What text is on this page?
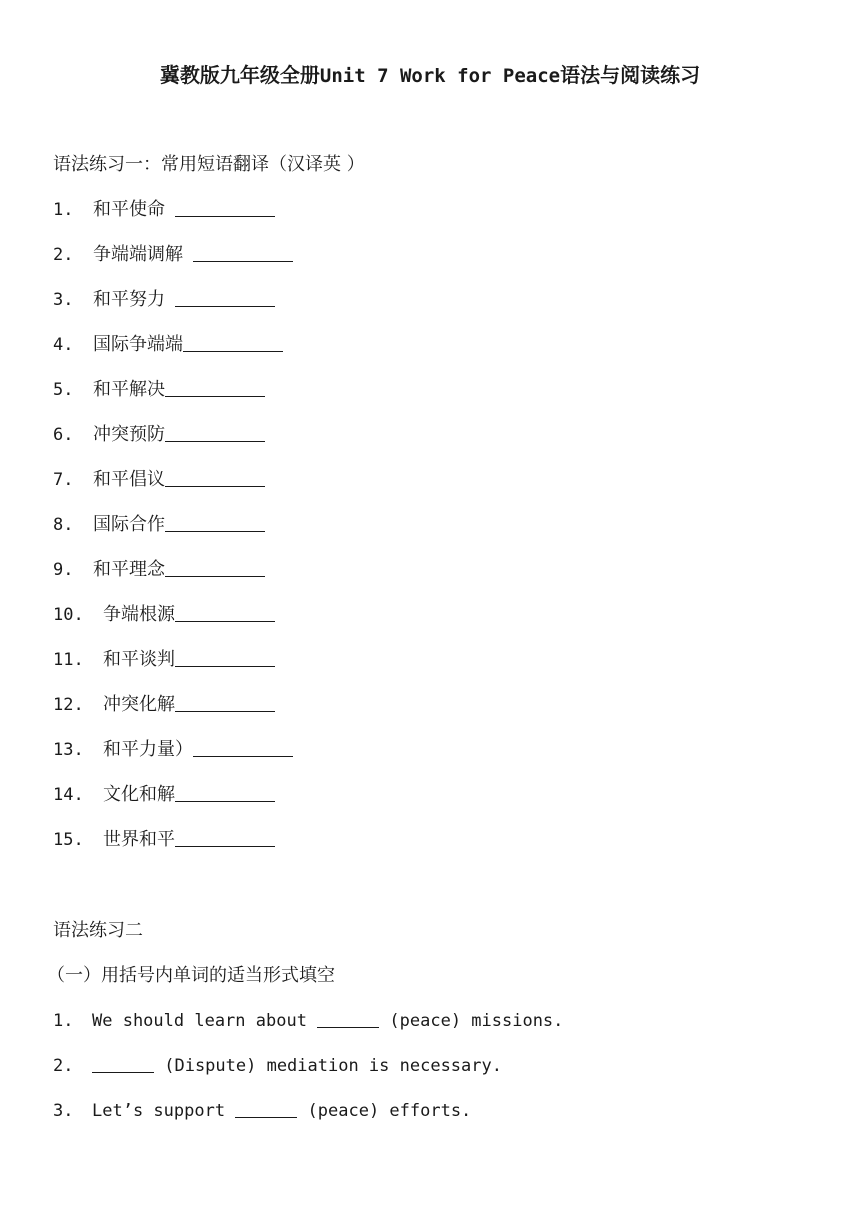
冀教版九年级全册Unit 7 Work for Peace语法与阅读练习
语法练习一：常用短语翻译（汉译英 ）
1. 和平使命
2. 争端端调解
3. 和平努力
4. 国际争端端
5. 和平解决
6. 冲突预防
7. 和平倡议
8. 国际合作
9. 和平理念
10. 争端根源
11. 和平谈判
12. 冲突化解
13. 和平力量）
14. 文化和解
15. 世界和平
语法练习二
（一）用括号内单词的适当形式填空
1. We should learn about	(peace) missions.
2.	(Dispute) mediation is necessary.
3. Let’s support	(peace) efforts.
